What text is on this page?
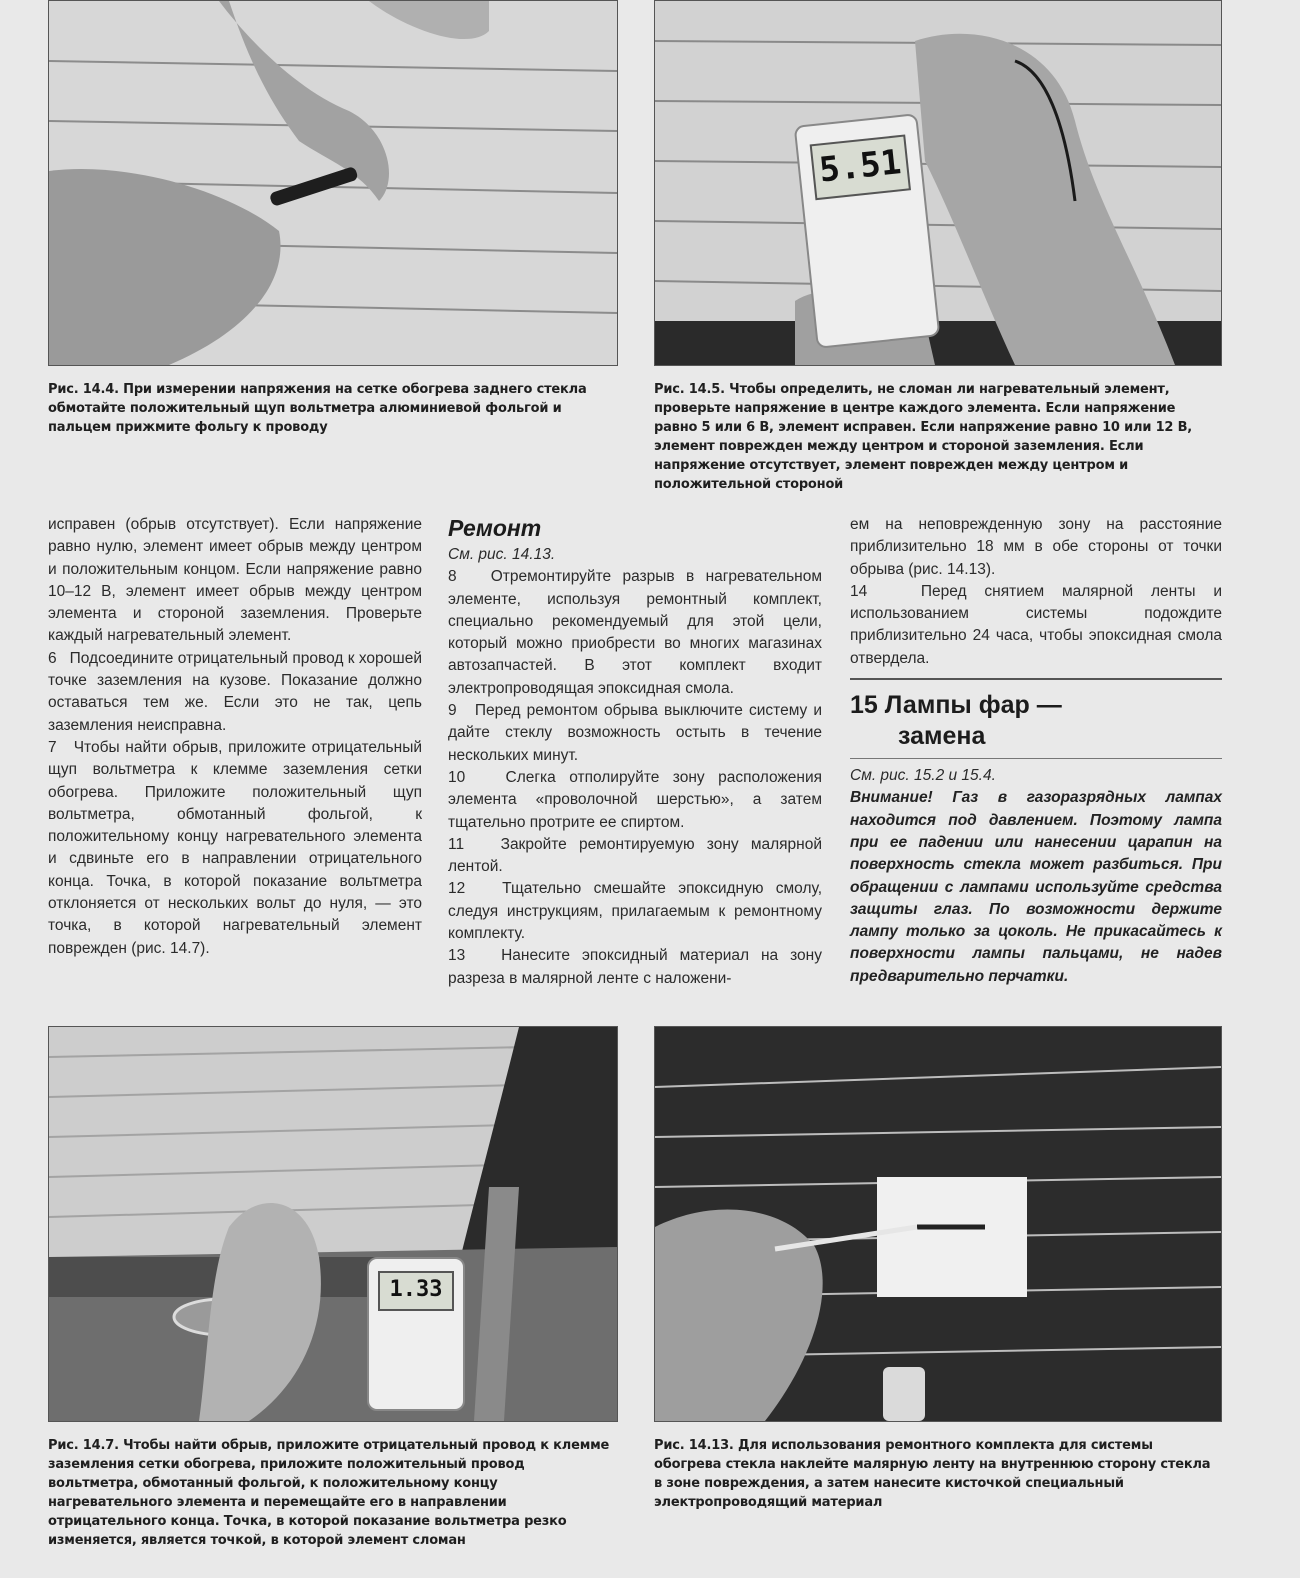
5.51
Рис. 14.4. При измерении напряжения на сетке обогрева заднего стекла обмотайте положительный щуп вольтметра алюминиевой фольгой и пальцем прижмите фольгу к проводу
Рис. 14.5. Чтобы определить, не сломан ли нагревательный элемент, проверьте напряжение в центре каждого элемента. Если напряжение равно 5 или 6 В, элемент исправен. Если напряжение равно 10 или 12 В, элемент поврежден между центром и стороной заземления. Если напряжение отсутствует, элемент поврежден между центром и положительной стороной

исправен (обрыв отсутствует). Если напряжение равно нулю, элемент имеет обрыв между центром и положительным концом. Если напряжение равно 10–12 В, элемент имеет обрыв между центром элемента и стороной заземления. Проверьте каждый нагревательный элемент.

6 Подсоедините отрицательный провод к хорошей точке заземления на кузове. Показание должно оставаться тем же. Если это не так, цепь заземления неисправна.

7 Чтобы найти обрыв, приложите отрицательный щуп вольтметра к клемме заземления сетки обогрева. Приложите положительный щуп вольтметра, обмотанный фольгой, к положительному концу нагревательного элемента и сдвиньте его в направлении отрицательного конца. Точка, в которой показание вольтметра отклоняется от нескольких вольт до нуля, — это точка, в которой нагревательный элемент поврежден (рис. 14.7).

Ремонт

См. рис. 14.13.

8 Отремонтируйте разрыв в нагревательном элементе, используя ремонтный комплект, специально рекомендуемый для этой цели, который можно приобрести во многих магазинах автозапчастей. В этот комплект входит электропроводящая эпоксидная смола.

9 Перед ремонтом обрыва выключите систему и дайте стеклу возможность остыть в течение нескольких минут.

10	Слегка отполируйте зону расположения элемента «проволочной шерстью», а затем тщательно протрите ее спиртом.

11 Закройте ремонтируемую зону малярной лентой.

12 Тщательно смешайте эпоксидную смолу, следуя инструкциям, прилагаемым к ремонтному комплекту.

13 Нанесите эпоксидный материал на зону разреза в малярной ленте с наложени-

ем на неповрежденную зону на расстояние приблизительно 18 мм в обе стороны от точки обрыва (рис. 14.13).

14	Перед снятием малярной ленты и использованием системы подождите приблизительно 24 часа, чтобы эпоксидная смола отвердела.

15 Лампы фар —
замена

См. рис. 15.2 и 15.4.

Внимание! Газ в газоразрядных лампах находится под давлением. Поэтому лампа при ее падении или нанесении царапин на поверхность стекла может разбиться. При обращении с лампами используйте средства защиты глаз. По возможности держите лампу только за цоколь. Не прикасайтесь к поверхности лампы пальцами, не надев предварительно перчатки.

1.33
Рис. 14.7. Чтобы найти обрыв, приложите отрицательный провод к клемме заземления сетки обогрева, приложите положительный провод вольтметра, обмотанный фольгой, к положительному концу нагревательного элемента и перемещайте его в направлении отрицательного конца. Точка, в которой показание вольтметра резко изменяется, является точкой, в которой элемент сломан
Рис. 14.13. Для использования ремонтного комплекта для системы обогрева стекла наклейте малярную ленту на внутреннюю сторону стекла в зоне повреждения, а затем нанесите кисточкой специальный электропроводящий материал
